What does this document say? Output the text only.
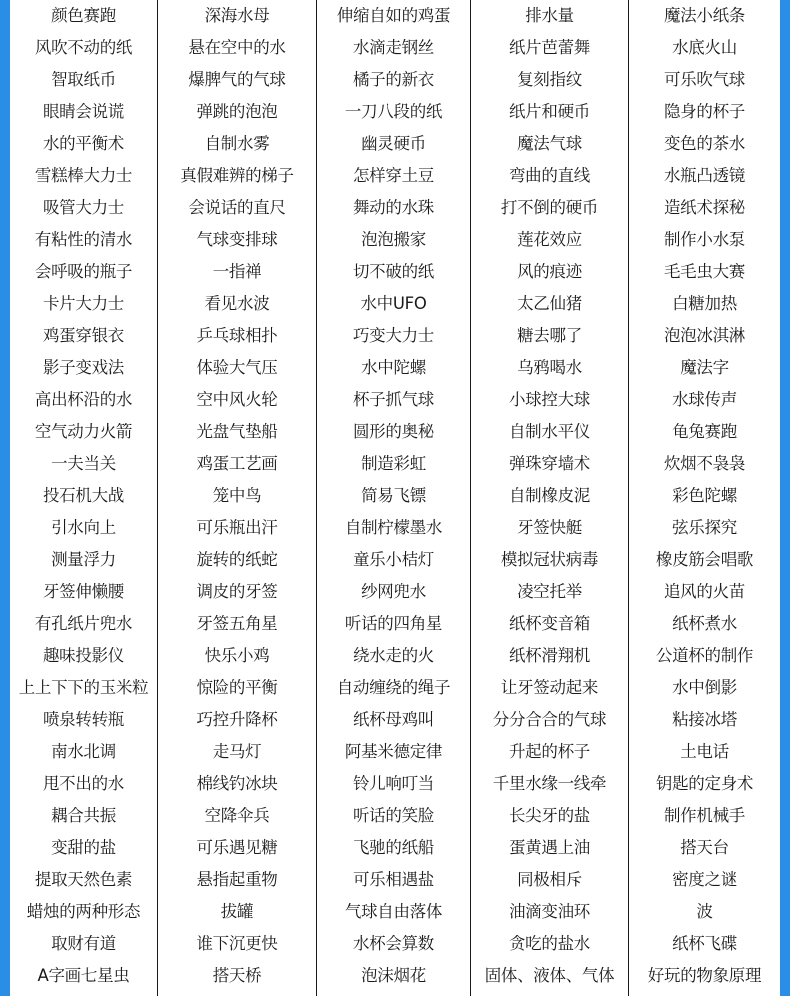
颜色赛跑
风吹不动的纸
智取纸币
眼睛会说谎
水的平衡术
雪糕棒大力士
吸管大力士
有粘性的清水
会呼吸的瓶子
卡片大力士
鸡蛋穿银衣
影子变戏法
高出杯沿的水
空气动力火箭
一夫当关
投石机大战
引水向上
测量浮力
牙签伸懒腰
有孔纸片兜水
趣味投影仪
上上下下的玉米粒
喷泉转转瓶
南水北调
甩不出的水
耦合共振
变甜的盐
提取天然色素
蜡烛的两种形态
取财有道
A字画七星虫
深海水母
悬在空中的水
爆脾气的气球
弹跳的泡泡
自制水雾
真假难辨的梯子
会说话的直尺
气球变排球
一指禅
看见水波
乒乓球相扑
体验大气压
空中风火轮
光盘气垫船
鸡蛋工艺画
笼中鸟
可乐瓶出汗
旋转的纸蛇
调皮的牙签
牙签五角星
快乐小鸡
惊险的平衡
巧控升降杯
走马灯
棉线钓冰块
空降伞兵
可乐遇见糖
悬指起重物
拔罐
谁下沉更快
搭天桥
伸缩自如的鸡蛋
水滴走钢丝
橘子的新衣
一刀八段的纸
幽灵硬币
怎样穿土豆
舞动的水珠
泡泡搬家
切不破的纸
水中UFO
巧变大力士
水中陀螺
杯子抓气球
圆形的奥秘
制造彩虹
简易飞镖
自制柠檬墨水
童乐小桔灯
纱网兜水
听话的四角星
绕水走的火
自动缠绕的绳子
纸杯母鸡叫
阿基米德定律
铃儿响叮当
听话的笑脸
飞驰的纸船
可乐相遇盐
气球自由落体
水杯会算数
泡沫烟花
排水量
纸片芭蕾舞
复刻指纹
纸片和硬币
魔法气球
弯曲的直线
打不倒的硬币
莲花效应
风的痕迹
太乙仙猪
糖去哪了
乌鸦喝水
小球控大球
自制水平仪
弹珠穿墙术
自制橡皮泥
牙签快艇
模拟冠状病毒
凌空托举
纸杯变音箱
纸杯滑翔机
让牙签动起来
分分合合的气球
升起的杯子
千里水缘一线牵
长尖牙的盐
蛋黄遇上油
同极相斥
油滴变油环
贪吃的盐水
固体、液体、气体
魔法小纸条
水底火山
可乐吹气球
隐身的杯子
变色的茶水
水瓶凸透镜
造纸术探秘
制作小水泵
毛毛虫大赛
白糖加热
泡泡冰淇淋
魔法字
水球传声
龟兔赛跑
炊烟不袅袅
彩色陀螺
弦乐探究
橡皮筋会唱歌
追风的火苗
纸杯煮水
公道杯的制作
水中倒影
粘接冰塔
土电话
钥匙的定身术
制作机械手
搭天台
密度之谜
波
纸杯飞碟
好玩的物象原理
